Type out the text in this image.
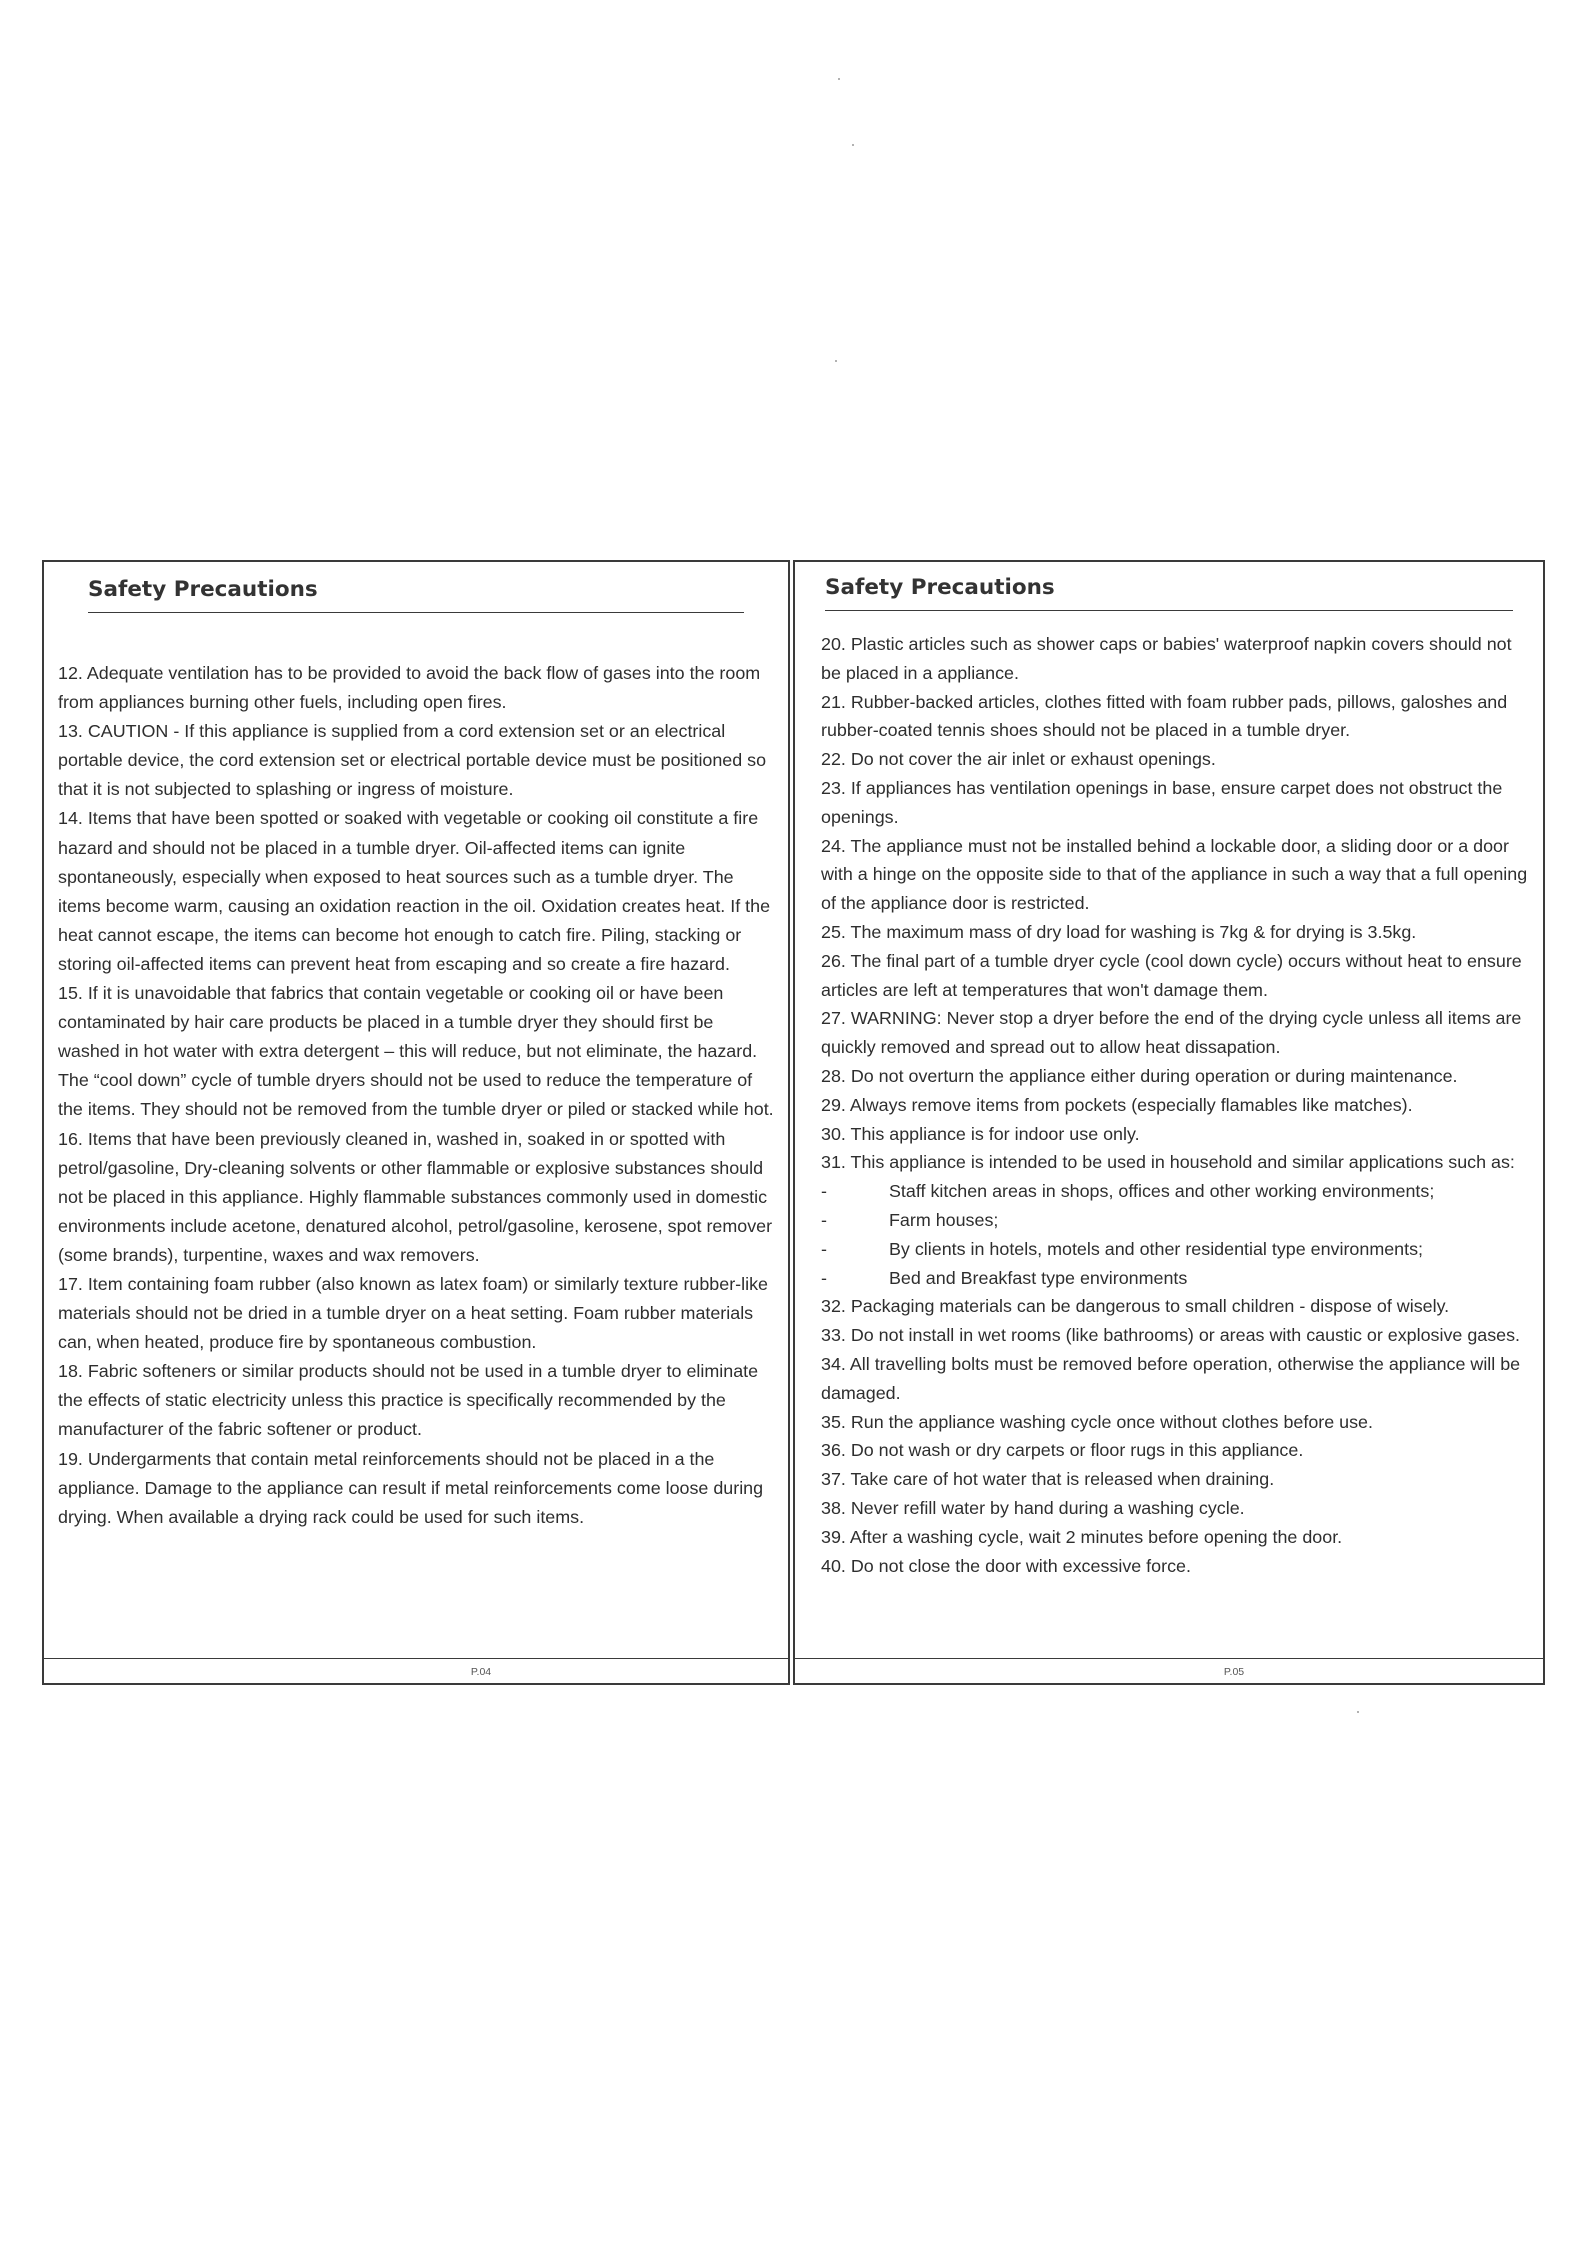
Safety Precautions

12. Adequate ventilation has to be provided to avoid the back flow of gases into the room from appliances burning other fuels, including open fires.

13. CAUTION - If this appliance is supplied from a cord extension set or an electrical portable device, the cord extension set or electrical portable device must be positioned so that it is not subjected to splashing or ingress of moisture.

14. Items that have been spotted or soaked with vegetable or cooking oil constitute a fire hazard and should not be placed in a tumble dryer. Oil-affected items can ignite spontaneously, especially when exposed to heat sources such as a tumble dryer. The items become warm, causing an oxidation reaction in the oil. Oxidation creates heat. If the heat cannot escape, the items can become hot enough to catch fire. Piling, stacking or storing oil-affected items can prevent heat from escaping and so create a fire hazard.

15. If it is unavoidable that fabrics that contain vegetable or cooking oil or have been contaminated by hair care products be placed in a tumble dryer they should first be washed in hot water with extra detergent – this will reduce, but not eliminate, the hazard. The “cool down” cycle of tumble dryers should not be used to reduce the temperature of the items. They should not be removed from the tumble dryer or piled or stacked while hot.

16. Items that have been previously cleaned in, washed in, soaked in or spotted with petrol/gasoline, Dry-cleaning solvents or other flammable or explosive substances should not be placed in this appliance. Highly flammable substances commonly used in domestic environments include acetone, denatured alcohol, petrol/gasoline, kerosene, spot remover (some brands), turpentine, waxes and wax removers.

17. Item containing foam rubber (also known as latex foam) or similarly texture rubber-like materials should not be dried in a tumble dryer on a heat setting. Foam rubber materials can, when heated, produce fire by spontaneous combustion.

18. Fabric softeners or similar products should not be used in a tumble dryer to eliminate the effects of static electricity unless this practice is specifically recommended by the manufacturer of the fabric softener or product.

19. Undergarments that contain metal reinforcements should not be placed in a the appliance. Damage to the appliance can result if metal reinforcements come loose during drying. When available a drying rack could be used for such items.

P.04
Safety Precautions

20. Plastic articles such as shower caps or babies' waterproof napkin covers should not be placed in a appliance.

21. Rubber-backed articles, clothes fitted with foam rubber pads, pillows, galoshes and rubber-coated tennis shoes should not be placed in a tumble dryer.

22. Do not cover the air inlet or exhaust openings.

23. If appliances has ventilation openings in base, ensure carpet does not obstruct the openings.

24. The appliance must not be installed behind a lockable door, a sliding door or a door with a hinge on the opposite side to that of the appliance in such a way that a full opening of the appliance door is restricted.

25. The maximum mass of dry load for washing is 7kg & for drying is 3.5kg.

26. The final part of a tumble dryer cycle (cool down cycle) occurs without heat to ensure articles are left at temperatures that won't damage them.

27. WARNING: Never stop a dryer before the end of the drying cycle unless all items are quickly removed and spread out to allow heat dissapation.

28. Do not overturn the appliance either during operation or during maintenance.

29. Always remove items from pockets (especially flamables like matches).

30. This appliance is for indoor use only.

31. This appliance is intended to be used in household and similar applications such as:

-	Staff kitchen areas in shops, offices and other working environments;
-	Farm houses;
-	By clients in hotels, motels and other residential type environments;
-	Bed and Breakfast type environments

32. Packaging materials can be dangerous to small children - dispose of wisely.

33. Do not install in wet rooms (like bathrooms) or areas with caustic or explosive gases.

34. All travelling bolts must be removed before operation, otherwise the appliance will be damaged.

35. Run the appliance washing cycle once without clothes before use.

36. Do not wash or dry carpets or floor rugs in this appliance.

37. Take care of hot water that is released when draining.

38. Never refill water by hand during a washing cycle.

39. After a washing cycle, wait 2 minutes before opening the door.

40. Do not close the door with excessive force.

P.05
